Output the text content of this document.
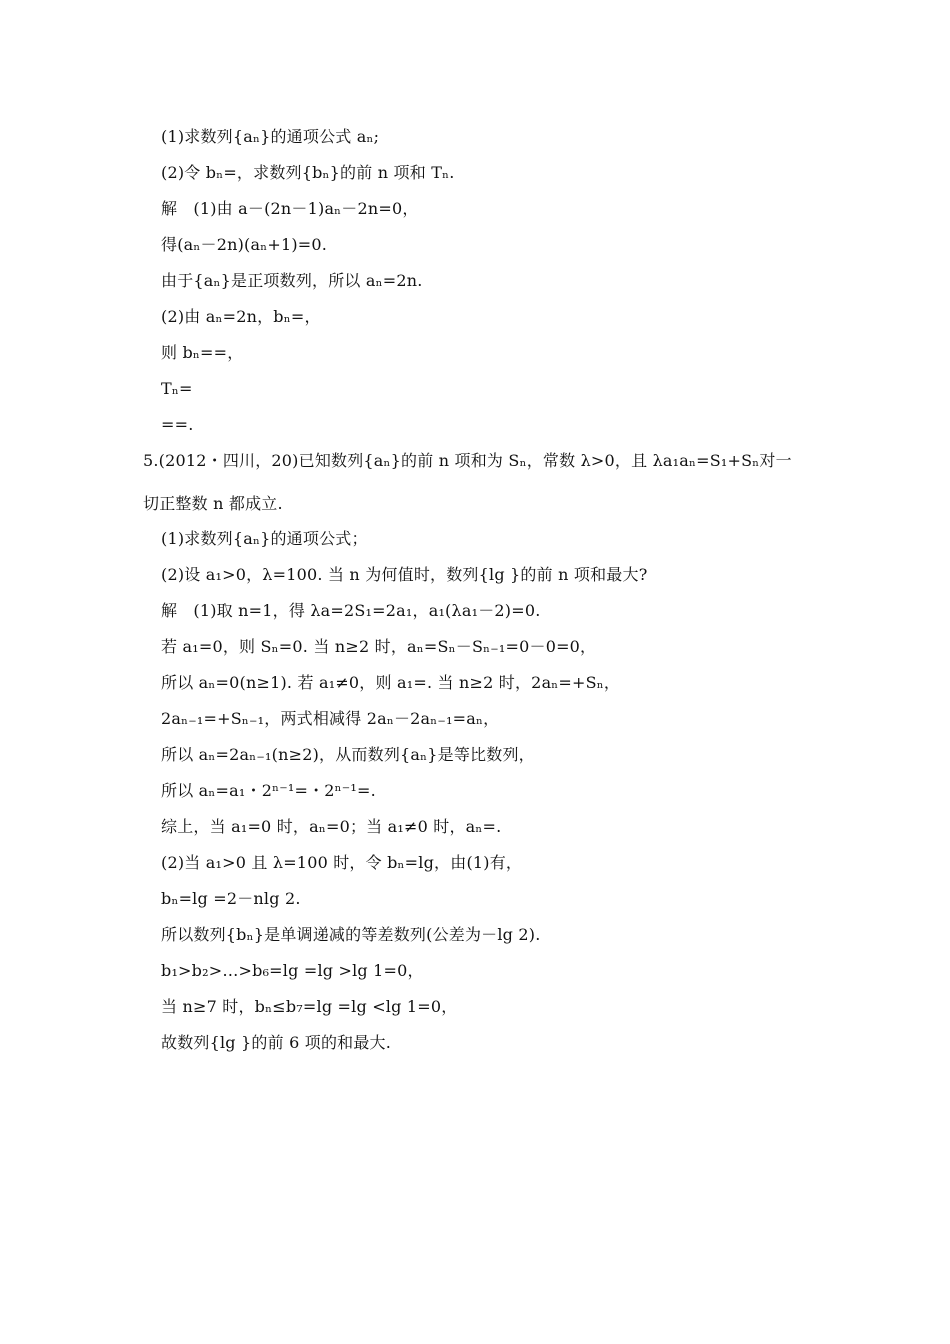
(1)求数列{aₙ}的通项公式 aₙ;
(2)令 bₙ=，求数列{bₙ}的前 n 项和 Tₙ.
解　(1)由 a－(2n－1)aₙ－2n=0，
得(aₙ－2n)(aₙ+1)=0.
由于{aₙ}是正项数列，所以 aₙ=2n.
(2)由 aₙ=2n，bₙ=，
则 bₙ==，
Tₙ=
==.
5.(2012・四川，20)已知数列{aₙ}的前 n 项和为 Sₙ，常数 λ>0，且 λa₁aₙ=S₁+Sₙ对一
切正整数 n 都成立.
(1)求数列{aₙ}的通项公式；
(2)设 a₁>0，λ=100. 当 n 为何值时，数列{lg }的前 n 项和最大?
解　(1)取 n=1，得 λa=2S₁=2a₁，a₁(λa₁－2)=0.
若 a₁=0，则 Sₙ=0. 当 n≥2 时，aₙ=Sₙ－Sₙ₋₁=0－0=0，
所以 aₙ=0(n≥1). 若 a₁≠0，则 a₁=. 当 n≥2 时，2aₙ=+Sₙ，
2aₙ₋₁=+Sₙ₋₁，两式相减得 2aₙ－2aₙ₋₁=aₙ，
所以 aₙ=2aₙ₋₁(n≥2)，从而数列{aₙ}是等比数列，
所以 aₙ=a₁・2ⁿ⁻¹=・2ⁿ⁻¹=.
综上，当 a₁=0 时，aₙ=0；当 a₁≠0 时，aₙ=.
(2)当 a₁>0 且 λ=100 时，令 bₙ=lg，由(1)有，
bₙ=lg =2－nlg 2.
所以数列{bₙ}是单调递减的等差数列(公差为－lg 2).
b₁>b₂>…>b₆=lg =lg >lg 1=0，
当 n≥7 时，bₙ≤b₇=lg =lg <lg 1=0，
故数列{lg }的前 6 项的和最大.
